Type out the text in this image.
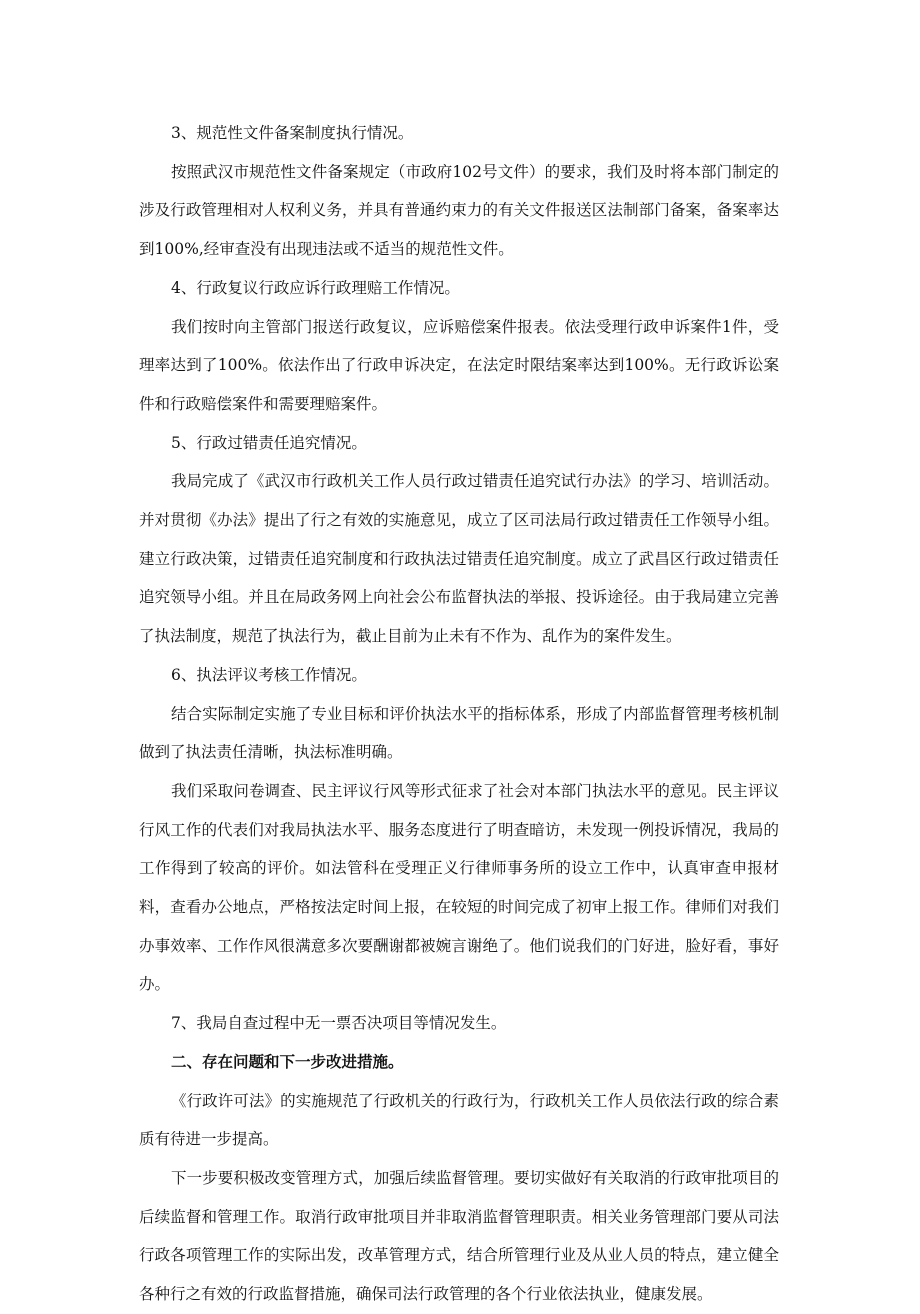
3、规范性文件备案制度执行情况。

按照武汉市规范性文件备案规定（市政府102号文件）的要求，我们及时将本部门制定的涉及行政管理相对人权利义务，并具有普通约束力的有关文件报送区法制部门备案，备案率达到100%,经审查没有出现违法或不适当的规范性文件。

4、行政复议行政应诉行政理赔工作情况。

我们按时向主管部门报送行政复议，应诉赔偿案件报表。依法受理行政申诉案件1件，受理率达到了100%。依法作出了行政申诉决定，在法定时限结案率达到100%。无行政诉讼案件和行政赔偿案件和需要理赔案件。

5、行政过错责任追究情况。

我局完成了《武汉市行政机关工作人员行政过错责任追究试行办法》的学习、培训活动。并对贯彻《办法》提出了行之有效的实施意见，成立了区司法局行政过错责任工作领导小组。建立行政决策，过错责任追究制度和行政执法过错责任追究制度。成立了武昌区行政过错责任追究领导小组。并且在局政务网上向社会公布监督执法的举报、投诉途径。由于我局建立完善了执法制度，规范了执法行为，截止目前为止未有不作为、乱作为的案件发生。

6、执法评议考核工作情况。

结合实际制定实施了专业目标和评价执法水平的指标体系，形成了内部监督管理考核机制做到了执法责任清晰，执法标准明确。

我们采取问卷调查、民主评议行风等形式征求了社会对本部门执法水平的意见。民主评议行风工作的代表们对我局执法水平、服务态度进行了明查暗访，未发现一例投诉情况，我局的工作得到了较高的评价。如法管科在受理正义行律师事务所的设立工作中，认真审查申报材料，查看办公地点，严格按法定时间上报，在较短的时间完成了初审上报工作。律师们对我们办事效率、工作作风很满意多次要酬谢都被婉言谢绝了。他们说我们的门好进，脸好看，事好办。

7、我局自查过程中无一票否决项目等情况发生。

二、存在问题和下一步改进措施。

《行政许可法》的实施规范了行政机关的行政行为，行政机关工作人员依法行政的综合素质有待进一步提高。

下一步要积极改变管理方式，加强后续监督管理。要切实做好有关取消的行政审批项目的后续监督和管理工作。取消行政审批项目并非取消监督管理职责。相关业务管理部门要从司法行政各项管理工作的实际出发，改革管理方式，结合所管理行业及从业人员的特点，建立健全各种行之有效的行政监督措施，确保司法行政管理的各个行业依法执业，健康发展。
